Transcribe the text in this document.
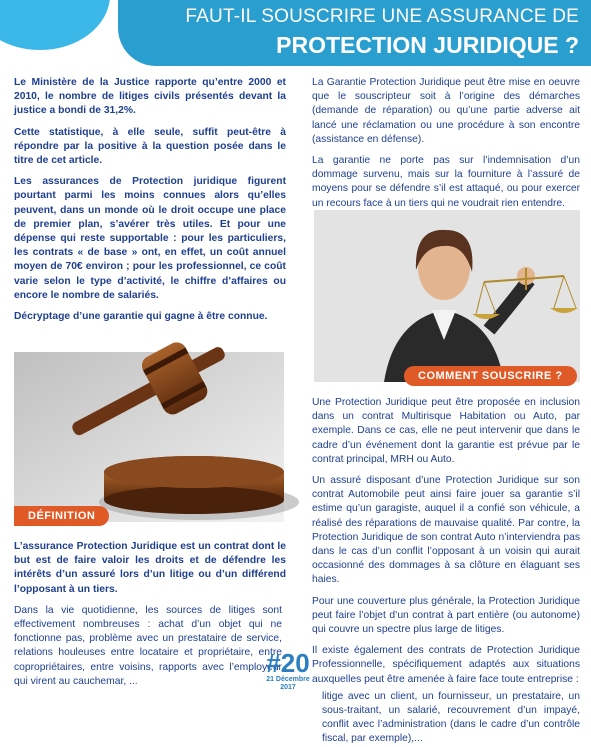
FAUT-IL SOUSCRIRE UNE ASSURANCE DE
PROTECTION JURIDIQUE ?

Le Ministère de la Justice rapporte qu’entre 2000 et 2010, le nombre de litiges civils présentés devant la justice a bondi de 31,2%.

Cette statistique, à elle seule, suffit peut-être à répondre par la positive à la question posée dans le titre de cet article.

Les assurances de Protection juridique figurent pourtant parmi les moins connues alors qu’elles peuvent, dans un monde où le droit occupe une place de premier plan, s’avérer très utiles. Et pour une dépense qui reste supportable : pour les particuliers, les contrats « de base » ont, en effet, un coût annuel moyen de 70€ environ ; pour les professionnel, ce coût varie selon le type d’activité, le chiffre d’affaires ou encore le nombre de salariés.

Décryptage d’une garantie qui gagne à être connue.

DÉFINITION

L’assurance Protection Juridique est un contrat dont le but est de faire valoir les droits et de défendre les intérêts d’un assuré lors d’un litige ou d’un différend l’opposant à un tiers.

Dans la vie quotidienne, les sources de litiges sont effectivement nombreuses : achat d’un objet qui ne fonctionne pas, problème avec un prestataire de service, relations houleuses entre locataire et propriétaire, entre copropriétaires, entre voisins, rapports avec l’employeur qui virent au cauchemar, ...

La Garantie Protection Juridique peut être mise en oeuvre que le souscripteur soit à l’origine des démarches (demande de réparation) ou qu’une partie adverse ait lancé une réclamation ou une procédure à son encontre (assistance en défense).

La garantie ne porte pas sur l’indemnisation d’un dommage survenu, mais sur la fourniture à l’assuré de moyens pour se défendre s’il est attaqué, ou pour exercer un recours face à un tiers qui ne voudrait rien entendre.

COMMENT SOUSCRIRE ?

Une Protection Juridique peut être proposée en inclusion dans un contrat Multirisque Habitation ou Auto, par exemple. Dans ce cas, elle ne peut intervenir que dans le cadre d’un événement dont la garantie est prévue par le contrat principal, MRH ou Auto.

Un assuré disposant d’une Protection Juridique sur son contrat Automobile peut ainsi faire jouer sa garantie s’il estime qu’un garagiste, auquel il a confié son véhicule, a réalisé des réparations de mauvaise qualité. Par contre, la Protection Juridique de son contrat Auto n’interviendra pas dans le cas d’un conflit l’opposant à un voisin qui aurait occasionné des dommages à sa clôture en élaguant ses haies.

Pour une couverture plus générale, la Protection Juridique peut faire l’objet d’un contrat à part entière (ou autonome) qui couvre un spectre plus large de litiges.

Il existe également des contrats de Protection Juridique Professionnelle, spécifiquement adaptés aux situations auxquelles peut être amenée à faire face toute entreprise :

litige avec un client, un fournisseur, un prestataire, un sous-traitant, un salarié, recouvrement d’un impayé, conflit avec l’administration (dans le cadre d’un contrôle fiscal, par exemple),...
#20
21 Décembre
2017
